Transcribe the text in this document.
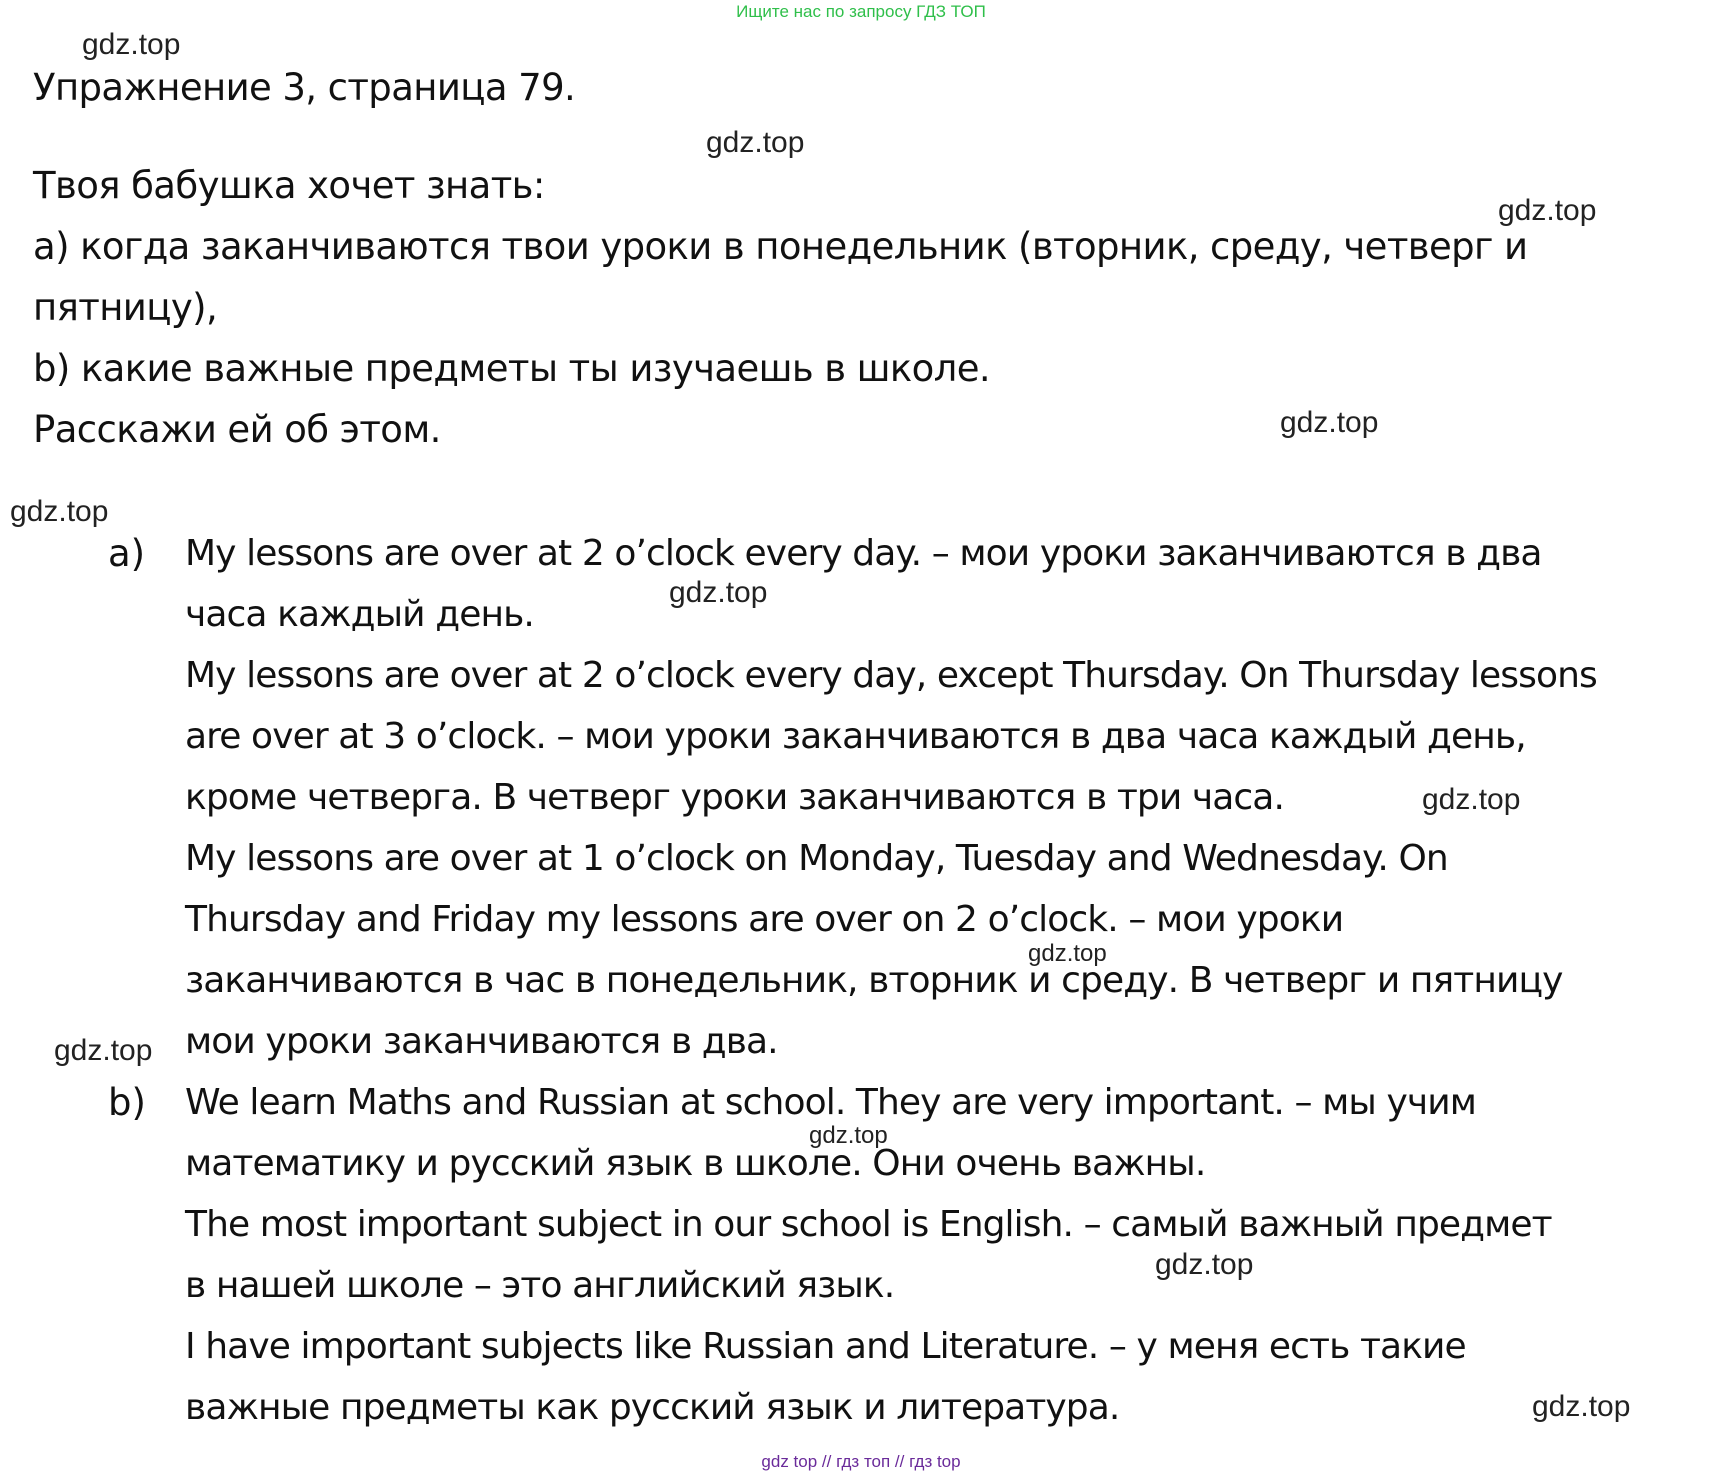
Ищите нас по запросу ГДЗ ТОП
gdz.top
Упражнение 3, страница 79.
gdz.top
gdz.top
Твоя бабушка хочет знать:
а) когда заканчиваются твои уроки в понедельник (вторник, среду, четверг и
пятницу),
b) какие важные предметы ты изучаешь в школе.
Расскажи ей об этом.	gdz.top
gdz.top
a) My lessons are over at 2 o’clock every day. – мои уроки заканчиваются в два
часа каждый день.
gdz.top
My lessons are over at 2 o’clock every day, except Thursday. On Thursday lessons
are over at 3 o’clock. – мои уроки заканчиваются в два часа каждый день,
кроме четверга. В четверг уроки заканчиваются в три часа.	gdz.top
My lessons are over at 1 o’clock on Monday, Tuesday and Wednesday. On
Thursday and Friday my lessons are over on 2 o’clock. – мои уроки
gdz.top
заканчиваются в час в понедельник, вторник и среду. В четверг и пятницу
мои уроки заканчиваются в два.
gdz.top
b) We learn Maths and Russian at school. They are very important. – мы учим
gdz.top
математику и русский язык в школе. Они очень важны.
The most important subject in our school is English. – самый важный предмет
gdz.top
в нашей школе – это английский язык.
I have important subjects like Russian and Literature. – у меня есть такие
важные предметы как русский язык и литература.	gdz.top
gdz top // гдз топ // гдз top
